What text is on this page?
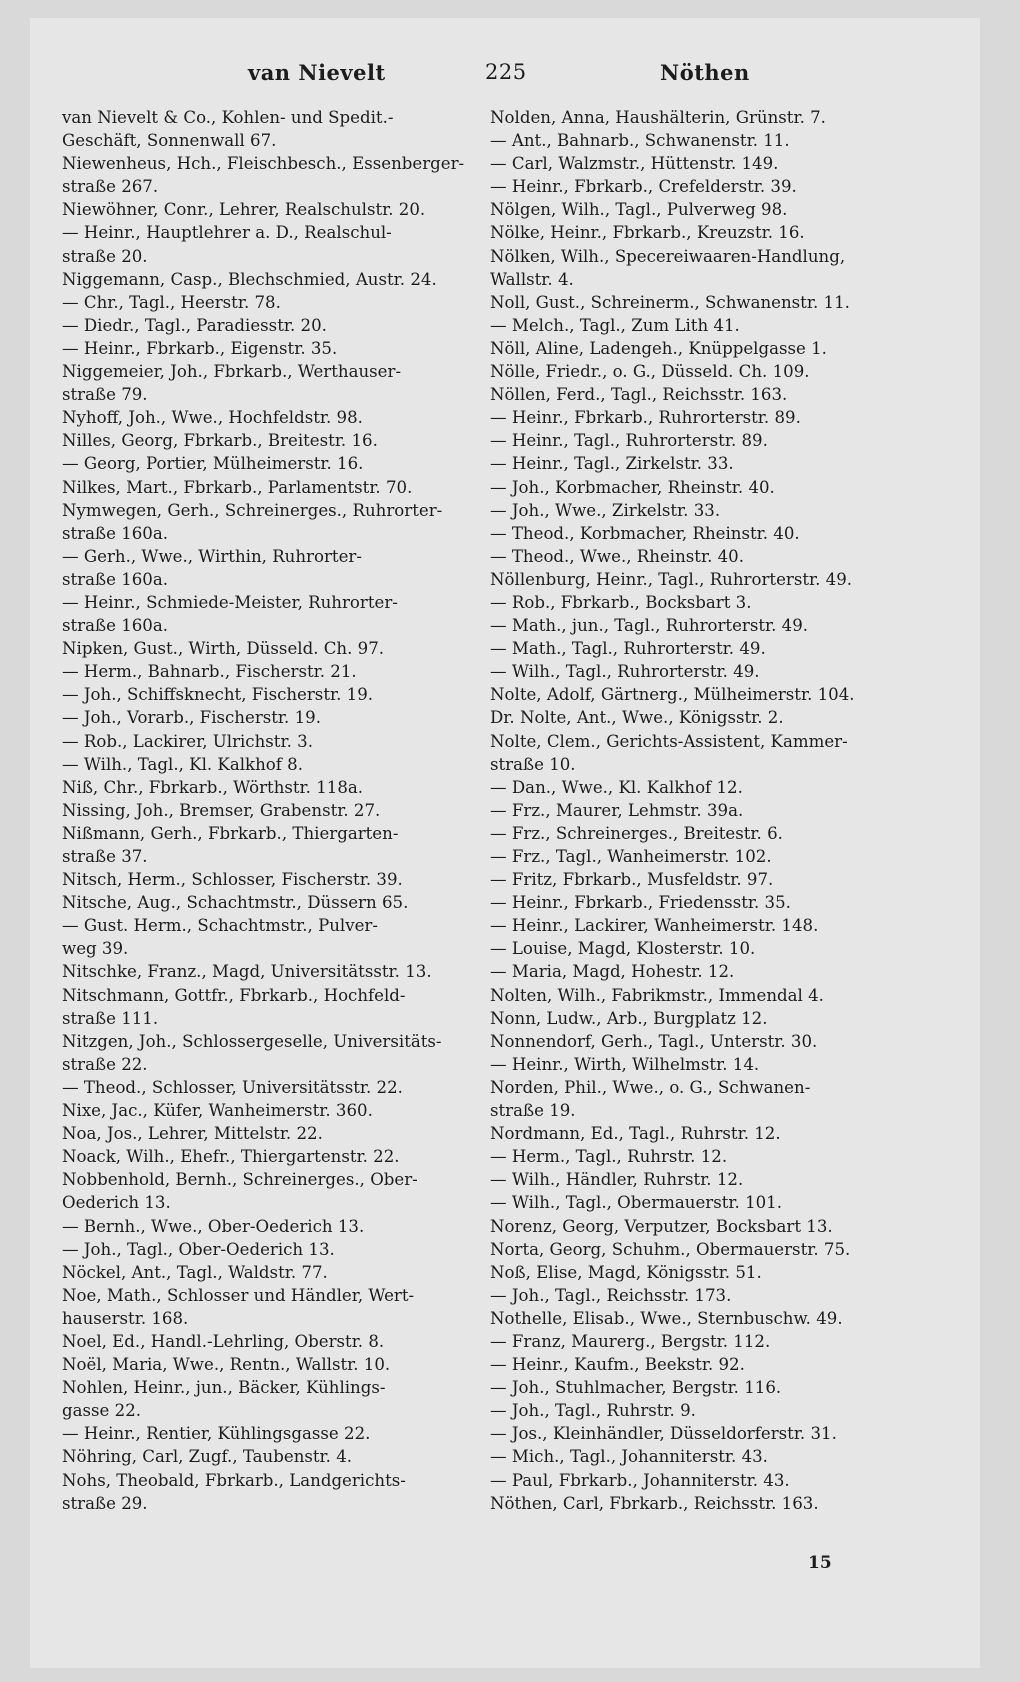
van Nievelt	225	Nöthen
van Nievelt & Co., Kohlen- und Spedit.-
Geschäft, Sonnenwall 67.
Niewenheus, Hch., Fleischbesch., Essenberger-
straße 267.
Niewöhner, Conr., Lehrer, Realschulstr. 20.
— Heinr., Hauptlehrer a. D., Realschul-
straße 20.
Niggemann, Casp., Blechschmied, Austr. 24.
— Chr., Tagl., Heerstr. 78.
— Diedr., Tagl., Paradiesstr. 20.
— Heinr., Fbrkarb., Eigenstr. 35.
Niggemeier, Joh., Fbrkarb., Werthauser-
straße 79.
Nyhoff, Joh., Wwe., Hochfeldstr. 98.
Nilles, Georg, Fbrkarb., Breitestr. 16.
— Georg, Portier, Mülheimerstr. 16.
Nilkes, Mart., Fbrkarb., Parlamentstr. 70.
Nymwegen, Gerh., Schreinerges., Ruhrorter-
straße 160a.
— Gerh., Wwe., Wirthin, Ruhrorter-
straße 160a.
— Heinr., Schmiede-Meister, Ruhrorter-
straße 160a.
Nipken, Gust., Wirth, Düsseld. Ch. 97.
— Herm., Bahnarb., Fischerstr. 21.
— Joh., Schiffsknecht, Fischerstr. 19.
— Joh., Vorarb., Fischerstr. 19.
— Rob., Lackirer, Ulrichstr. 3.
— Wilh., Tagl., Kl. Kalkhof 8.
Niß, Chr., Fbrkarb., Wörthstr. 118a.
Nissing, Joh., Bremser, Grabenstr. 27.
Nißmann, Gerh., Fbrkarb., Thiergarten-
straße 37.
Nitsch, Herm., Schlosser, Fischerstr. 39.
Nitsche, Aug., Schachtmstr., Düssern 65.
— Gust. Herm., Schachtmstr., Pulver-
weg 39.
Nitschke, Franz., Magd, Universitätsstr. 13.
Nitschmann, Gottfr., Fbrkarb., Hochfeld-
straße 111.
Nitzgen, Joh., Schlossergeselle, Universitäts-
straße 22.
— Theod., Schlosser, Universitätsstr. 22.
Nixe, Jac., Küfer, Wanheimerstr. 360.
Noa, Jos., Lehrer, Mittelstr. 22.
Noack, Wilh., Ehefr., Thiergartenstr. 22.
Nobbenhold, Bernh., Schreinerges., Ober-
Oederich 13.
— Bernh., Wwe., Ober-Oederich 13.
— Joh., Tagl., Ober-Oederich 13.
Nöckel, Ant., Tagl., Waldstr. 77.
Noe, Math., Schlosser und Händler, Wert-
hauserstr. 168.
Noel, Ed., Handl.-Lehrling, Oberstr. 8.
Noël, Maria, Wwe., Rentn., Wallstr. 10.
Nohlen, Heinr., jun., Bäcker, Kühlings-
gasse 22.
— Heinr., Rentier, Kühlingsgasse 22.
Nöhring, Carl, Zugf., Taubenstr. 4.
Nohs, Theobald, Fbrkarb., Landgerichts-
straße 29.
Nolden, Anna, Haushälterin, Grünstr. 7.
— Ant., Bahnarb., Schwanenstr. 11.
— Carl, Walzmstr., Hüttenstr. 149.
— Heinr., Fbrkarb., Crefelderstr. 39.
Nölgen, Wilh., Tagl., Pulverweg 98.
Nölke, Heinr., Fbrkarb., Kreuzstr. 16.
Nölken, Wilh., Specereiwaaren-Handlung,
Wallstr. 4.
Noll, Gust., Schreinerm., Schwanenstr. 11.
— Melch., Tagl., Zum Lith 41.
Nöll, Aline, Ladengeh., Knüppelgasse 1.
Nölle, Friedr., o. G., Düsseld. Ch. 109.
Nöllen, Ferd., Tagl., Reichsstr. 163.
— Heinr., Fbrkarb., Ruhrorterstr. 89.
— Heinr., Tagl., Ruhrorterstr. 89.
— Heinr., Tagl., Zirkelstr. 33.
— Joh., Korbmacher, Rheinstr. 40.
— Joh., Wwe., Zirkelstr. 33.
— Theod., Korbmacher, Rheinstr. 40.
— Theod., Wwe., Rheinstr. 40.
Nöllenburg, Heinr., Tagl., Ruhrorterstr. 49.
— Rob., Fbrkarb., Bocksbart 3.
— Math., jun., Tagl., Ruhrorterstr. 49.
— Math., Tagl., Ruhrorterstr. 49.
— Wilh., Tagl., Ruhrorterstr. 49.
Nolte, Adolf, Gärtnerg., Mülheimerstr. 104.
Dr. Nolte, Ant., Wwe., Königsstr. 2.
Nolte, Clem., Gerichts-Assistent, Kammer-
straße 10.
— Dan., Wwe., Kl. Kalkhof 12.
— Frz., Maurer, Lehmstr. 39a.
— Frz., Schreinerges., Breitestr. 6.
— Frz., Tagl., Wanheimerstr. 102.
— Fritz, Fbrkarb., Musfeldstr. 97.
— Heinr., Fbrkarb., Friedensstr. 35.
— Heinr., Lackirer, Wanheimerstr. 148.
— Louise, Magd, Klosterstr. 10.
— Maria, Magd, Hohestr. 12.
Nolten, Wilh., Fabrikmstr., Immendal 4.
Nonn, Ludw., Arb., Burgplatz 12.
Nonnendorf, Gerh., Tagl., Unterstr. 30.
— Heinr., Wirth, Wilhelmstr. 14.
Norden, Phil., Wwe., o. G., Schwanen-
straße 19.
Nordmann, Ed., Tagl., Ruhrstr. 12.
— Herm., Tagl., Ruhrstr. 12.
— Wilh., Händler, Ruhrstr. 12.
— Wilh., Tagl., Obermauerstr. 101.
Norenz, Georg, Verputzer, Bocksbart 13.
Norta, Georg, Schuhm., Obermauerstr. 75.
Noß, Elise, Magd, Königsstr. 51.
— Joh., Tagl., Reichsstr. 173.
Nothelle, Elisab., Wwe., Sternbuschw. 49.
— Franz, Maurerg., Bergstr. 112.
— Heinr., Kaufm., Beekstr. 92.
— Joh., Stuhlmacher, Bergstr. 116.
— Joh., Tagl., Ruhrstr. 9.
— Jos., Kleinhändler, Düsseldorferstr. 31.
— Mich., Tagl., Johanniterstr. 43.
— Paul, Fbrkarb., Johanniterstr. 43.
Nöthen, Carl, Fbrkarb., Reichsstr. 163.
15
